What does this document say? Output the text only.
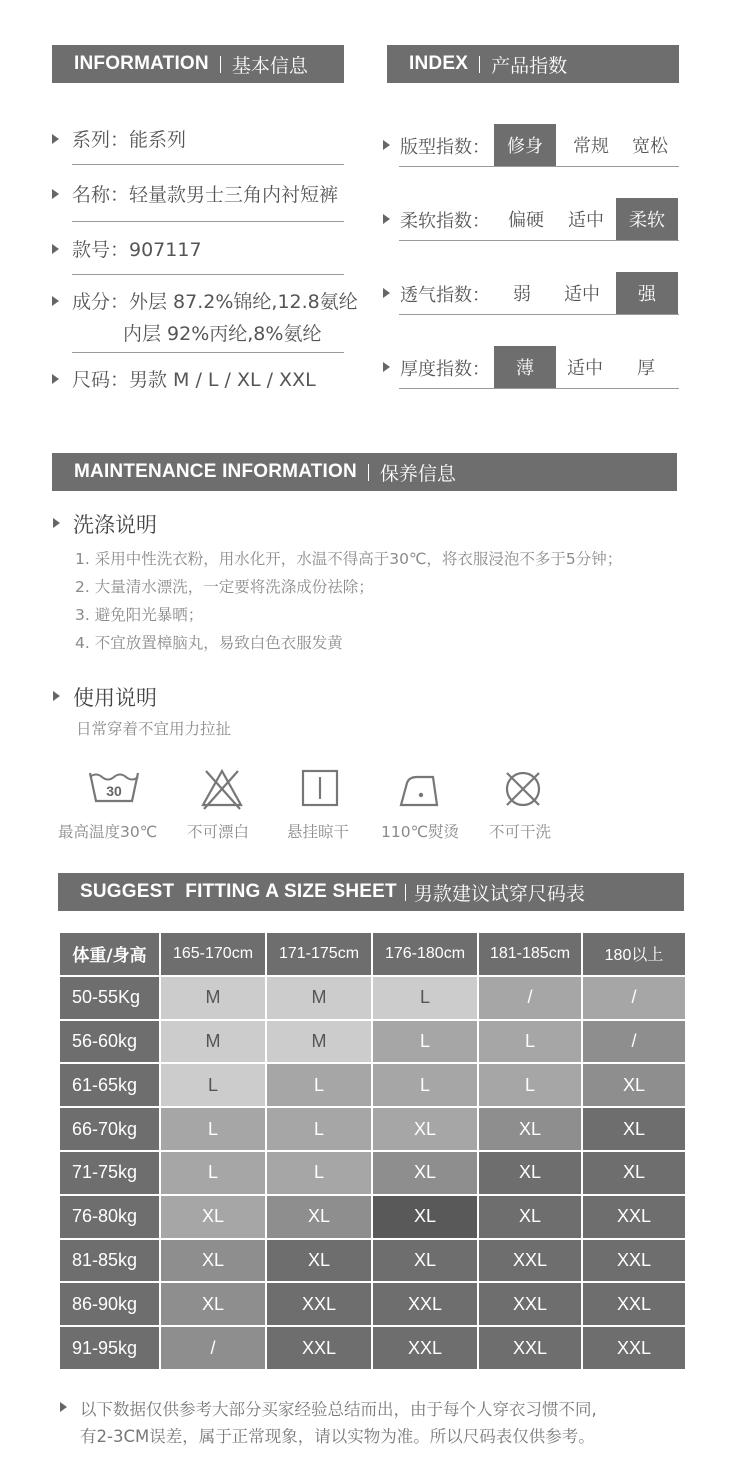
INFORMATION 基本信息
系列：能系列
名称：轻量款男士三角内衬短裤
款号：907117
成分：外层 87.2%锦纶,12.8氨纶
内层 92%丙纶,8%氨纶
尺码：男款 M / L / XL / XXL
INDEX 产品指数
版型指数： 修身	常规	宽松
柔软指数：	偏硬	适中	柔软
透气指数：	弱	适中	强
厚度指数：	薄	适中	厚
MAINTENANCE INFORMATION 保养信息
洗涤说明
1. 采用中性洗衣粉，用水化开，水温不得高于30℃，将衣服浸泡不多于5分钟；
2. 大量清水漂洗，一定要将洗涤成份祛除；
3. 避免阳光暴晒；
4. 不宜放置樟脑丸，易致白色衣服发黄
使用说明
日常穿着不宜用力拉扯
30
最高温度30℃ 不可漂白 悬挂晾干 110℃熨烫 不可干洗
SUGGEST  FITTING A SIZE SHEET 男款建议试穿尺码表
体重/身高	165-170cm	171-175cm	176-180cm	181-185cm	180以上
50-55Kg	M	M	L	/	/
56-60kg	M	M	L	L	/
61-65kg	L	L	L	L	XL
66-70kg	L	L	XL	XL	XL
71-75kg	L	L	XL	XL	XL
76-80kg	XL	XL	XL	XL	XXL
81-85kg	XL	XL	XL	XXL	XXL
86-90kg	XL	XXL	XXL	XXL	XXL
91-95kg	/	XXL	XXL	XXL	XXL
以下数据仅供参考大部分买家经验总结而出，由于每个人穿衣习惯不同,
有2-3CM误差，属于正常现象，请以实物为准。所以尺码表仅供参考。
